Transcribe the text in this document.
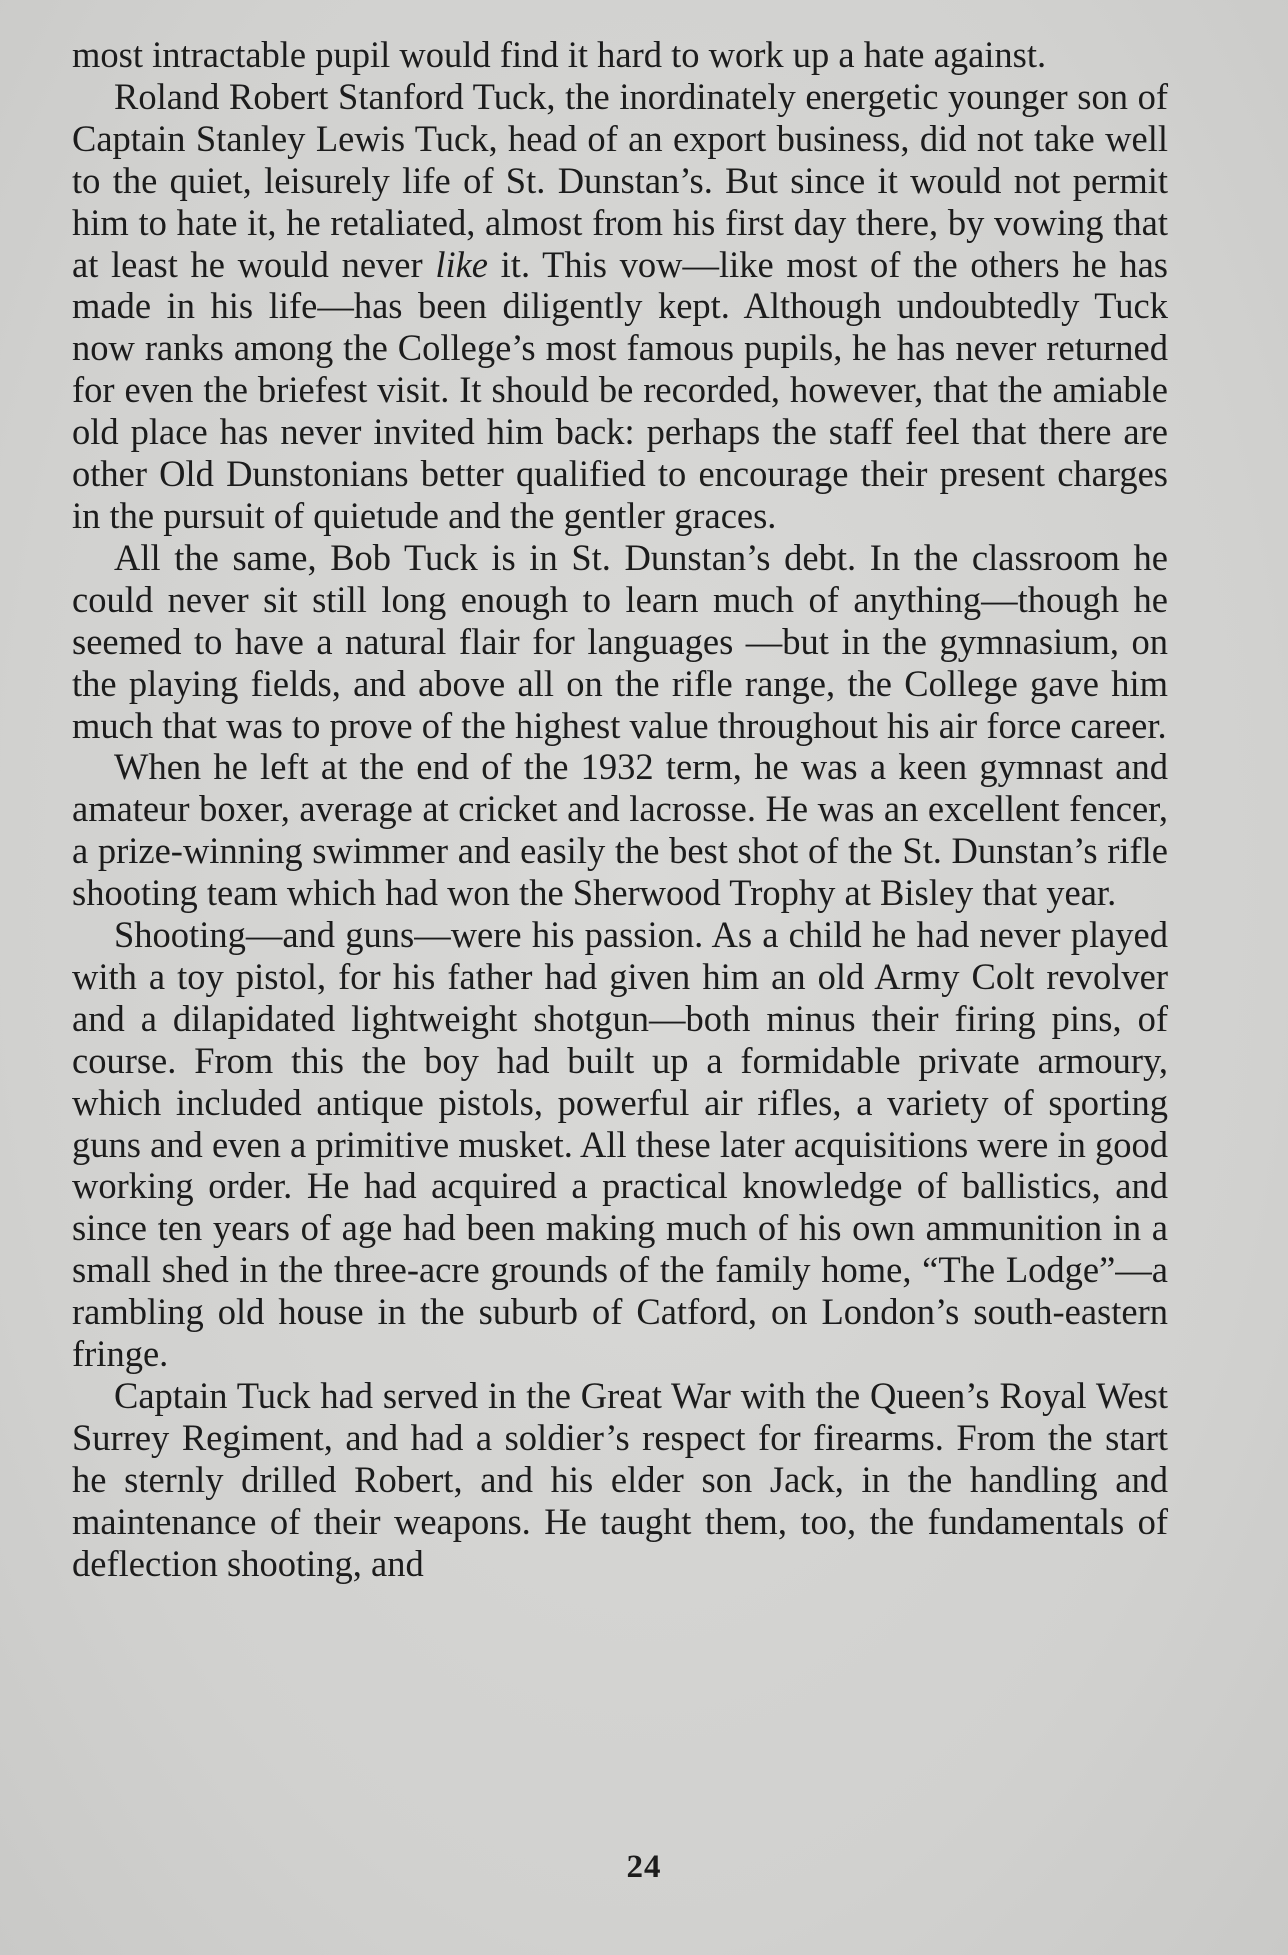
most intractable pupil would find it hard to work up a hate against.

Roland Robert Stanford Tuck, the inordinately energetic younger son of Captain Stanley Lewis Tuck, head of an export business, did not take well to the quiet, leisurely life of St. Dunstan’s. But since it would not permit him to hate it, he retaliated, almost from his first day there, by vowing that at least he would never like it. This vow—like most of the others he has made in his life—has been diligently kept. Although undoubtedly Tuck now ranks among the College’s most famous pupils, he has never returned for even the briefest visit. It should be recorded, however, that the amiable old place has never invited him back: perhaps the staff feel that there are other Old Dunstonians better qualified to encourage their present charges in the pursuit of quietude and the gentler graces.

All the same, Bob Tuck is in St. Dunstan’s debt. In the classroom he could never sit still long enough to learn much of anything—though he seemed to have a natural flair for languages —but in the gymnasium, on the playing fields, and above all on the rifle range, the College gave him much that was to prove of the highest value throughout his air force career.

When he left at the end of the 1932 term, he was a keen gymnast and amateur boxer, average at cricket and lacrosse. He was an excellent fencer, a prize-winning swimmer and easily the best shot of the St. Dunstan’s rifle shooting team which had won the Sherwood Trophy at Bisley that year.

Shooting—and guns—were his passion. As a child he had never played with a toy pistol, for his father had given him an old Army Colt revolver and a dilapidated lightweight shotgun—both minus their firing pins, of course. From this the boy had built up a formidable private armoury, which included antique pistols, powerful air rifles, a variety of sporting guns and even a primitive musket. All these later acquisitions were in good working order. He had acquired a practical knowledge of ballistics, and since ten years of age had been making much of his own ammunition in a small shed in the three-acre grounds of the family home, “The Lodge”—a rambling old house in the suburb of Catford, on London’s south-eastern fringe.

Captain Tuck had served in the Great War with the Queen’s Royal West Surrey Regiment, and had a soldier’s respect for firearms. From the start he sternly drilled Robert, and his elder son Jack, in the handling and maintenance of their weapons. He taught them, too, the fundamentals of deflection shooting, and

24
